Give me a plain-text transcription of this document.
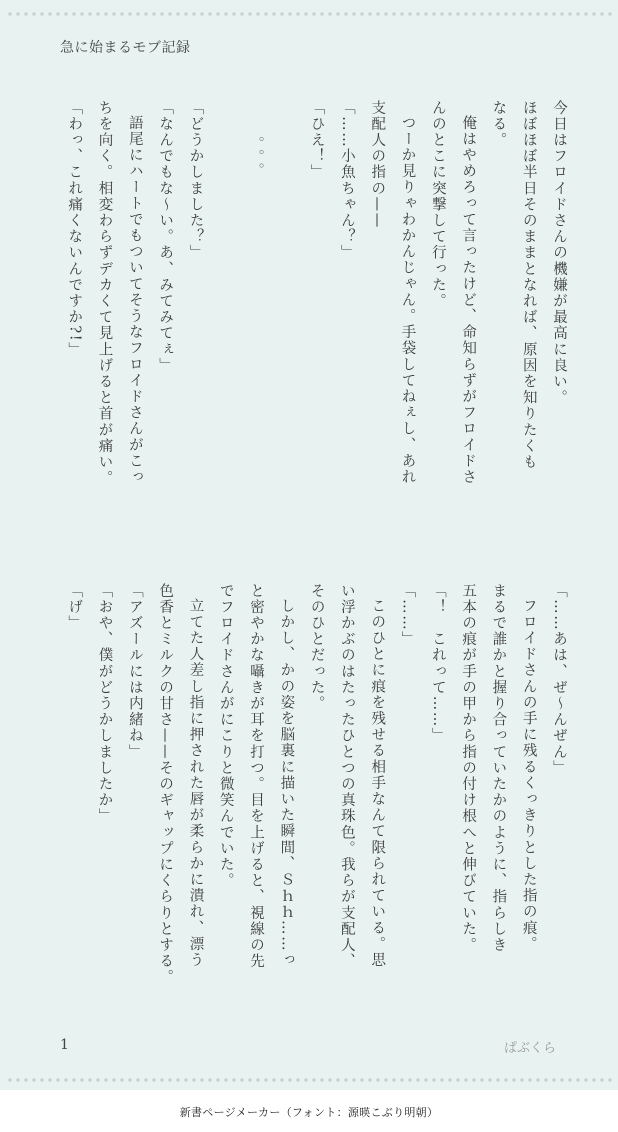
急に始まるモブ記録
今日はフロイドさんの機嫌が最高に良い。
ほぼほぼ半日そのままとなれば、原因を知りたくも
なる。
俺はやめろって言ったけど、命知らずがフロイドさ
んのとこに突撃して行った。
つーか見りゃわかんじゃん。手袋してねぇし、あれ
支配人の指の——
「……小魚ちゃん？」
「ひえ！」
。。。
「どうかしました？」
「なんでもな〜い。あ、みてみてぇ」
語尾にハートでもついてそうなフロイドさんがこっ
ちを向く。相変わらずデカくて見上げると首が痛い。
「わっ、これ痛くないんですか?!」
「……あは、ぜ〜んぜん」
フロイドさんの手に残るくっきりとした指の痕。
まるで誰かと握り合っていたかのように、指らしき
五本の痕が手の甲から指の付け根へと伸びていた。
「！　これって……」
「……」
このひとに痕を残せる相手なんて限られている。思
い浮かぶのはたったひとつの真珠色。我らが支配人、
そのひとだった。
しかし、かの姿を脳裏に描いた瞬間、Ｓｈｈ……っ
と密やかな囁きが耳を打つ。目を上げると、視線の先
でフロイドさんがにこりと微笑んでいた。
立てた人差し指に押された唇が柔らかに潰れ、漂う
色香とミルクの甘さ——そのギャップにくらりとする。
「アズールには内緒ね」
「おや、僕がどうかしましたか」
「げ」
1	ぱぶくら
新書ページメーカー（フォント：源暎こぶり明朝）
